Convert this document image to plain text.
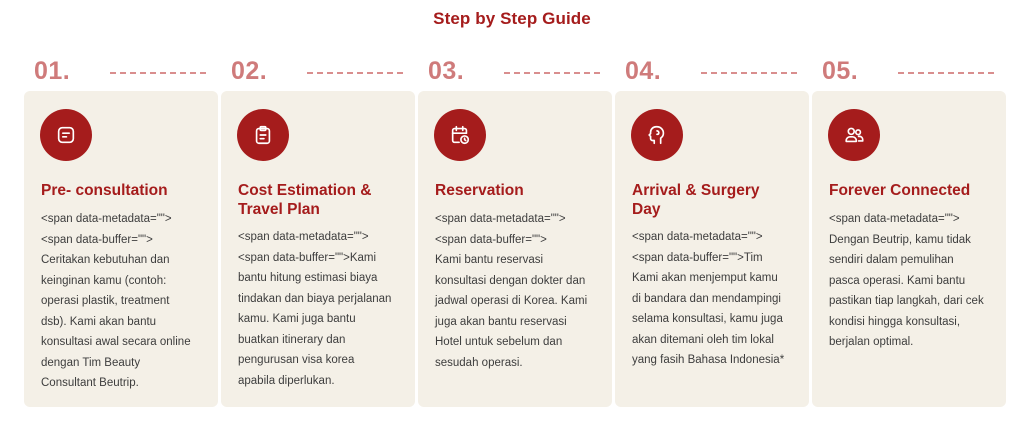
Step by Step Guide
01.
Pre- consultation
<span data-metadata="">
<span data-buffer="">
Ceritakan kebutuhan dan
keinginan kamu (contoh:
operasi plastik, treatment
dsb). Kami akan bantu
konsultasi awal secara online
dengan Tim Beauty
Consultant Beutrip.
02.
Cost Estimation &
Travel Plan
<span data-metadata="">
<span data-buffer="">Kami
bantu hitung estimasi biaya
tindakan dan biaya perjalanan
kamu. Kami juga bantu
buatkan itinerary dan
pengurusan visa korea
apabila diperlukan.
03.
Reservation
<span data-metadata="">
<span data-buffer="">
Kami bantu reservasi
konsultasi dengan dokter dan
jadwal operasi di Korea. Kami
juga akan bantu reservasi
Hotel untuk sebelum dan
sesudah operasi.
04.
Arrival & Surgery
Day
<span data-metadata="">
<span data-buffer="">Tim
Kami akan menjemput kamu
di bandara dan mendampingi
selama konsultasi, kamu juga
akan ditemani oleh tim lokal
yang fasih Bahasa Indonesia*
05.
Forever Connected
<span data-metadata="">
Dengan Beutrip, kamu tidak
sendiri dalam pemulihan
pasca operasi. Kami bantu
pastikan tiap langkah, dari cek
kondisi hingga konsultasi,
berjalan optimal.
